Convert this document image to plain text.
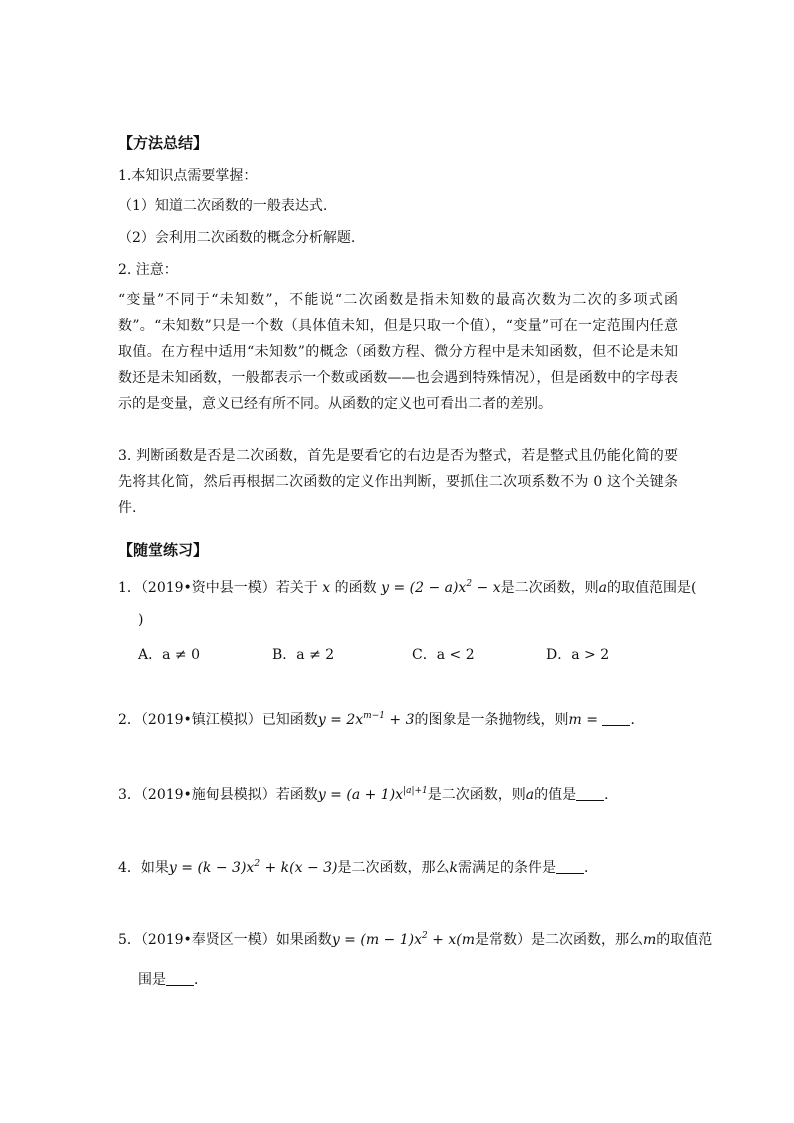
【方法总结】
1.本知识点需要掌握：
（1）知道二次函数的一般表达式.
（2）会利用二次函数的概念分析解题.
2. 注意：
“变量”不同于“未知数”，不能说“二次函数是指未知数的最高次数为二次的多项式函数”。“未知数”只是一个数（具体值未知，但是只取一个值），“变量”可在一定范围内任意取值。在方程中适用“未知数”的概念（函数方程、微分方程中是未知函数，但不论是未知数还是未知函数，一般都表示一个数或函数——也会遇到特殊情况），但是函数中的字母表示的是变量，意义已经有所不同。从函数的定义也可看出二者的差别。
3. 判断函数是否是二次函数，首先是要看它的右边是否为整式，若是整式且仍能化简的要先将其化简，然后再根据二次函数的定义作出判断，要抓住二次项系数不为 0 这个关键条件.
【随堂练习】
1．（2019•资中县一模）若关于 x 的函数 $y = (2 - a)x^2 - x$是二次函数，则a的取值范围是(
)
A．a ≠ 0	B．a ≠ 2	C．a < 2	D．a > 2
2．（2019•镇江模拟）已知函数$y = 2x^{m-1} + 3$的图象是一条抛物线，则m = ．
3．（2019•施甸县模拟）若函数$y = (a + 1)x^{|a|+1}$是二次函数，则a的值是 ．
4．如果$y = (k - 3)x^2 + k(x - 3)$是二次函数，那么k需满足的条件是 ．
5．（2019•奉贤区一模）如果函数$y = (m - 1)x^2 + x(m$是常数）是二次函数，那么m的取值范
围是 ．
